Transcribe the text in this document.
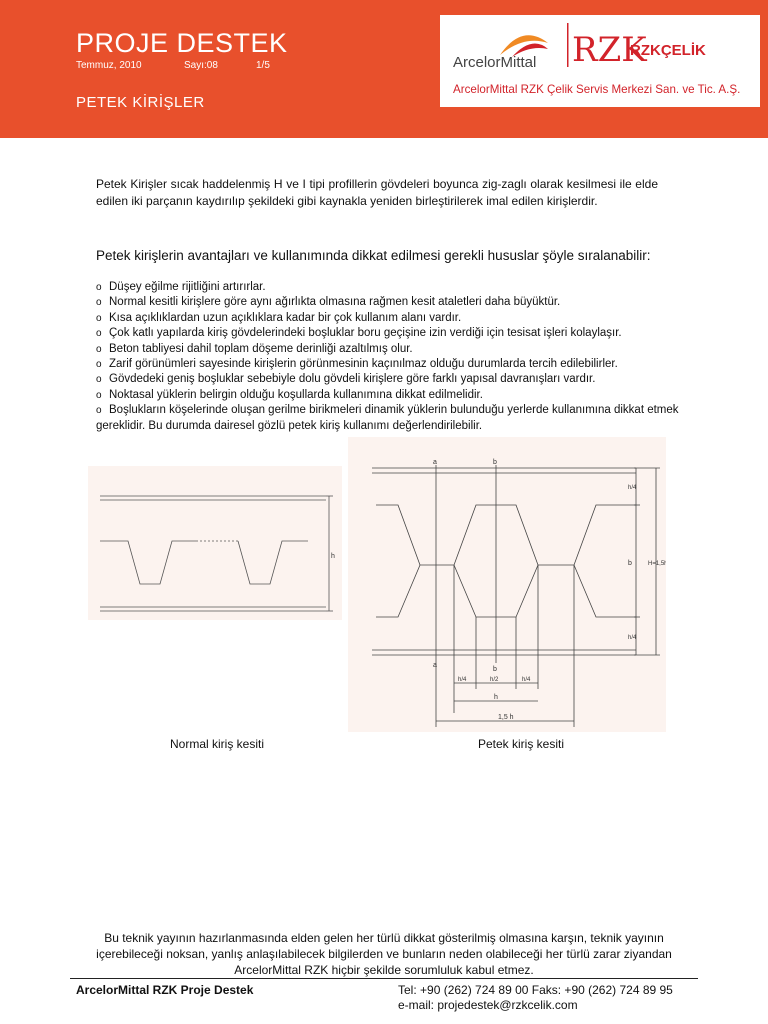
PROJE DESTEK
Temmuz, 2010	Sayı:08	1/5
PETEK KİRİŞLER
ArcelorMittal RZK
RZKÇELİK
ArcelorMittal RZK Çelik Servis Merkezi San. ve Tic. A.Ş.
Petek Kirişler sıcak haddelenmiş H ve I tipi profillerin gövdeleri boyunca zig-zaglı olarak kesilmesi ile elde edilen iki parçanın kaydırılıp şekildeki gibi kaynakla yeniden birleştirilerek imal edilen kirişlerdir.
Petek kirişlerin avantajları ve kullanımında dikkat edilmesi gerekli hususlar şöyle sıralanabilir:
o Düşey eğilme rijitliğini artırırlar.
o Normal kesitli kirişlere göre aynı ağırlıkta olmasına rağmen kesit ataletleri daha büyüktür.
o Kısa açıklıklardan uzun açıklıklara kadar bir çok kullanım alanı vardır.
o Çok katlı yapılarda kiriş gövdelerindeki boşluklar boru geçişine izin verdiği için tesisat işleri kolaylaşır.
o Beton tabliyesi dahil toplam döşeme derinliği azaltılmış olur.
o Zarif görünümleri sayesinde kirişlerin görünmesinin kaçınılmaz olduğu durumlarda tercih edilebilirler.
o Gövdedeki geniş boşluklar sebebiyle dolu gövdeli kirişlere göre farklı yapısal davranışları vardır.
o Noktasal yüklerin belirgin olduğu koşullarda kullanımına dikkat edilmelidir.
o Boşlukların köşelerinde oluşan gerilme birikmeleri dinamik yüklerin bulunduğu yerlerde kullanımına dikkat etmek gereklidir. Bu durumda dairesel gözlü petek kiriş kullanımı değerlendirilebilir.
h
a	b
a
b
h/4
b	H=1,5h
h/4
h/4	h/2	h/4
h
1,5 h
Normal kiriş kesiti	Petek kiriş kesiti
Bu teknik yayının hazırlanmasında elden gelen her türlü dikkat gösterilmiş olmasına karşın, teknik yayının içerebileceği noksan, yanlış anlaşılabilecek bilgilerden ve bunların neden olabileceği her türlü zarar ziyandan ArcelorMittal RZK hiçbir şekilde sorumluluk kabul etmez.
ArcelorMittal RZK Proje Destek	Tel: +90 (262) 724 89 00 Faks: +90 (262) 724 89 95
e-mail: projedestek@rzkcelik.com
